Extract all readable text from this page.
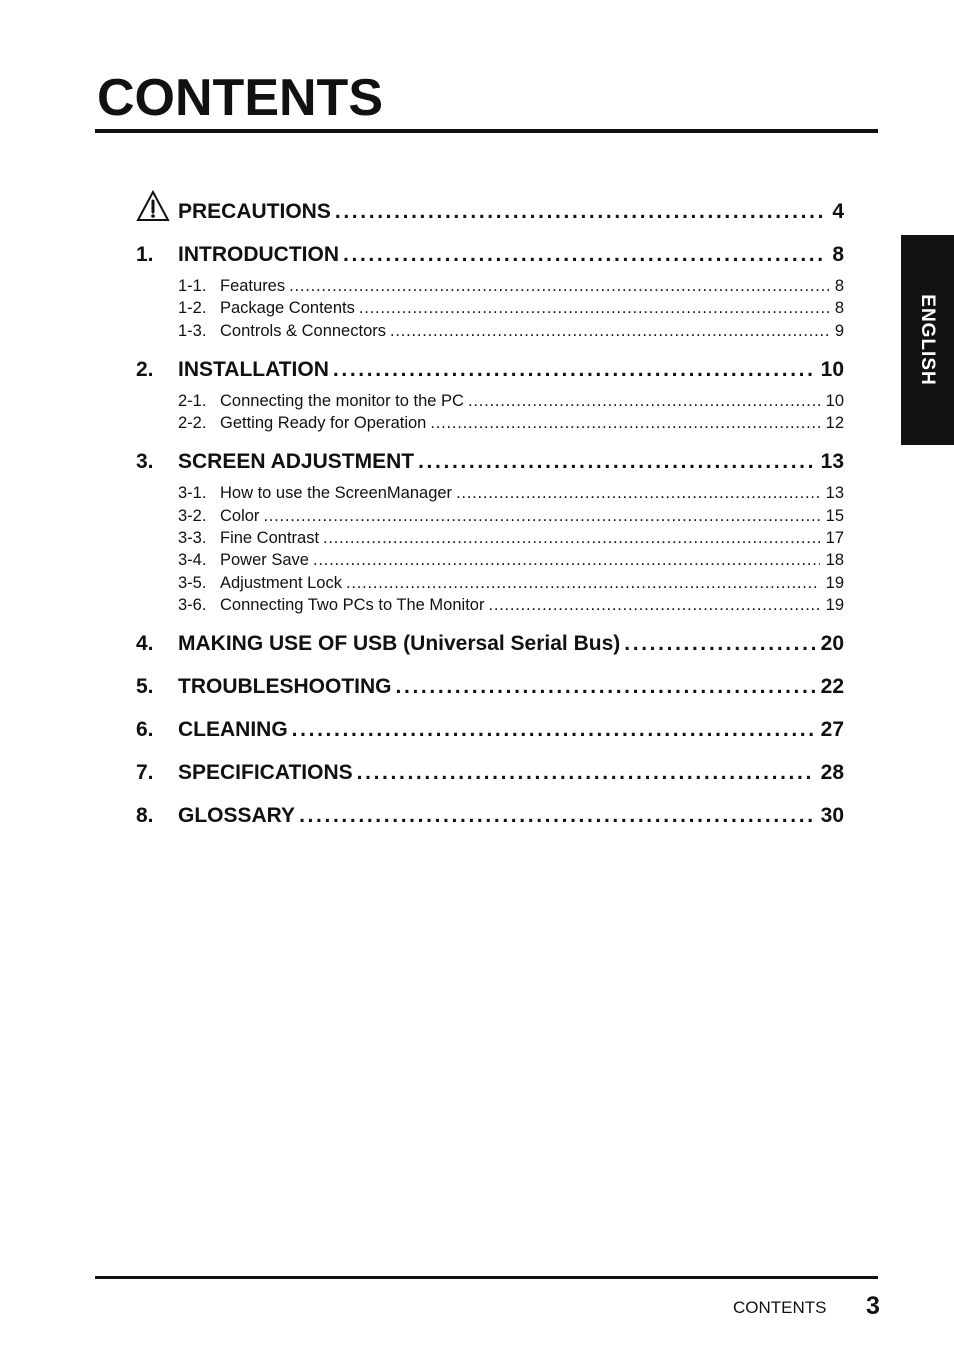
CONTENTS
ENGLISH
PRECAUTIONS . . .	4
1.	INTRODUCTION . . .	8
1-1. Features . . .	8
1-2. Package Contents . . .	8
1-3. Controls & Connectors . . .	9
2.	INSTALLATION . . .	10
2-1. Connecting the monitor to the PC . . .	10
2-2. Getting Ready for Operation . . .	12
3.	SCREEN ADJUSTMENT . . .	13
3-1. How to use the ScreenManager . . .	13
3-2. Color . . .	15
3-3. Fine Contrast . . .	17
3-4. Power Save . . .	18
3-5. Adjustment Lock . . .	19
3-6. Connecting Two PCs to The Monitor . . .	19
4.	MAKING USE OF USB (Universal Serial Bus) . . .	20
5.	TROUBLESHOOTING . . .	22
6.	CLEANING . . .	27
7.	SPECIFICATIONS . . .	28
8.	GLOSSARY . . .	30
CONTENTS 3
